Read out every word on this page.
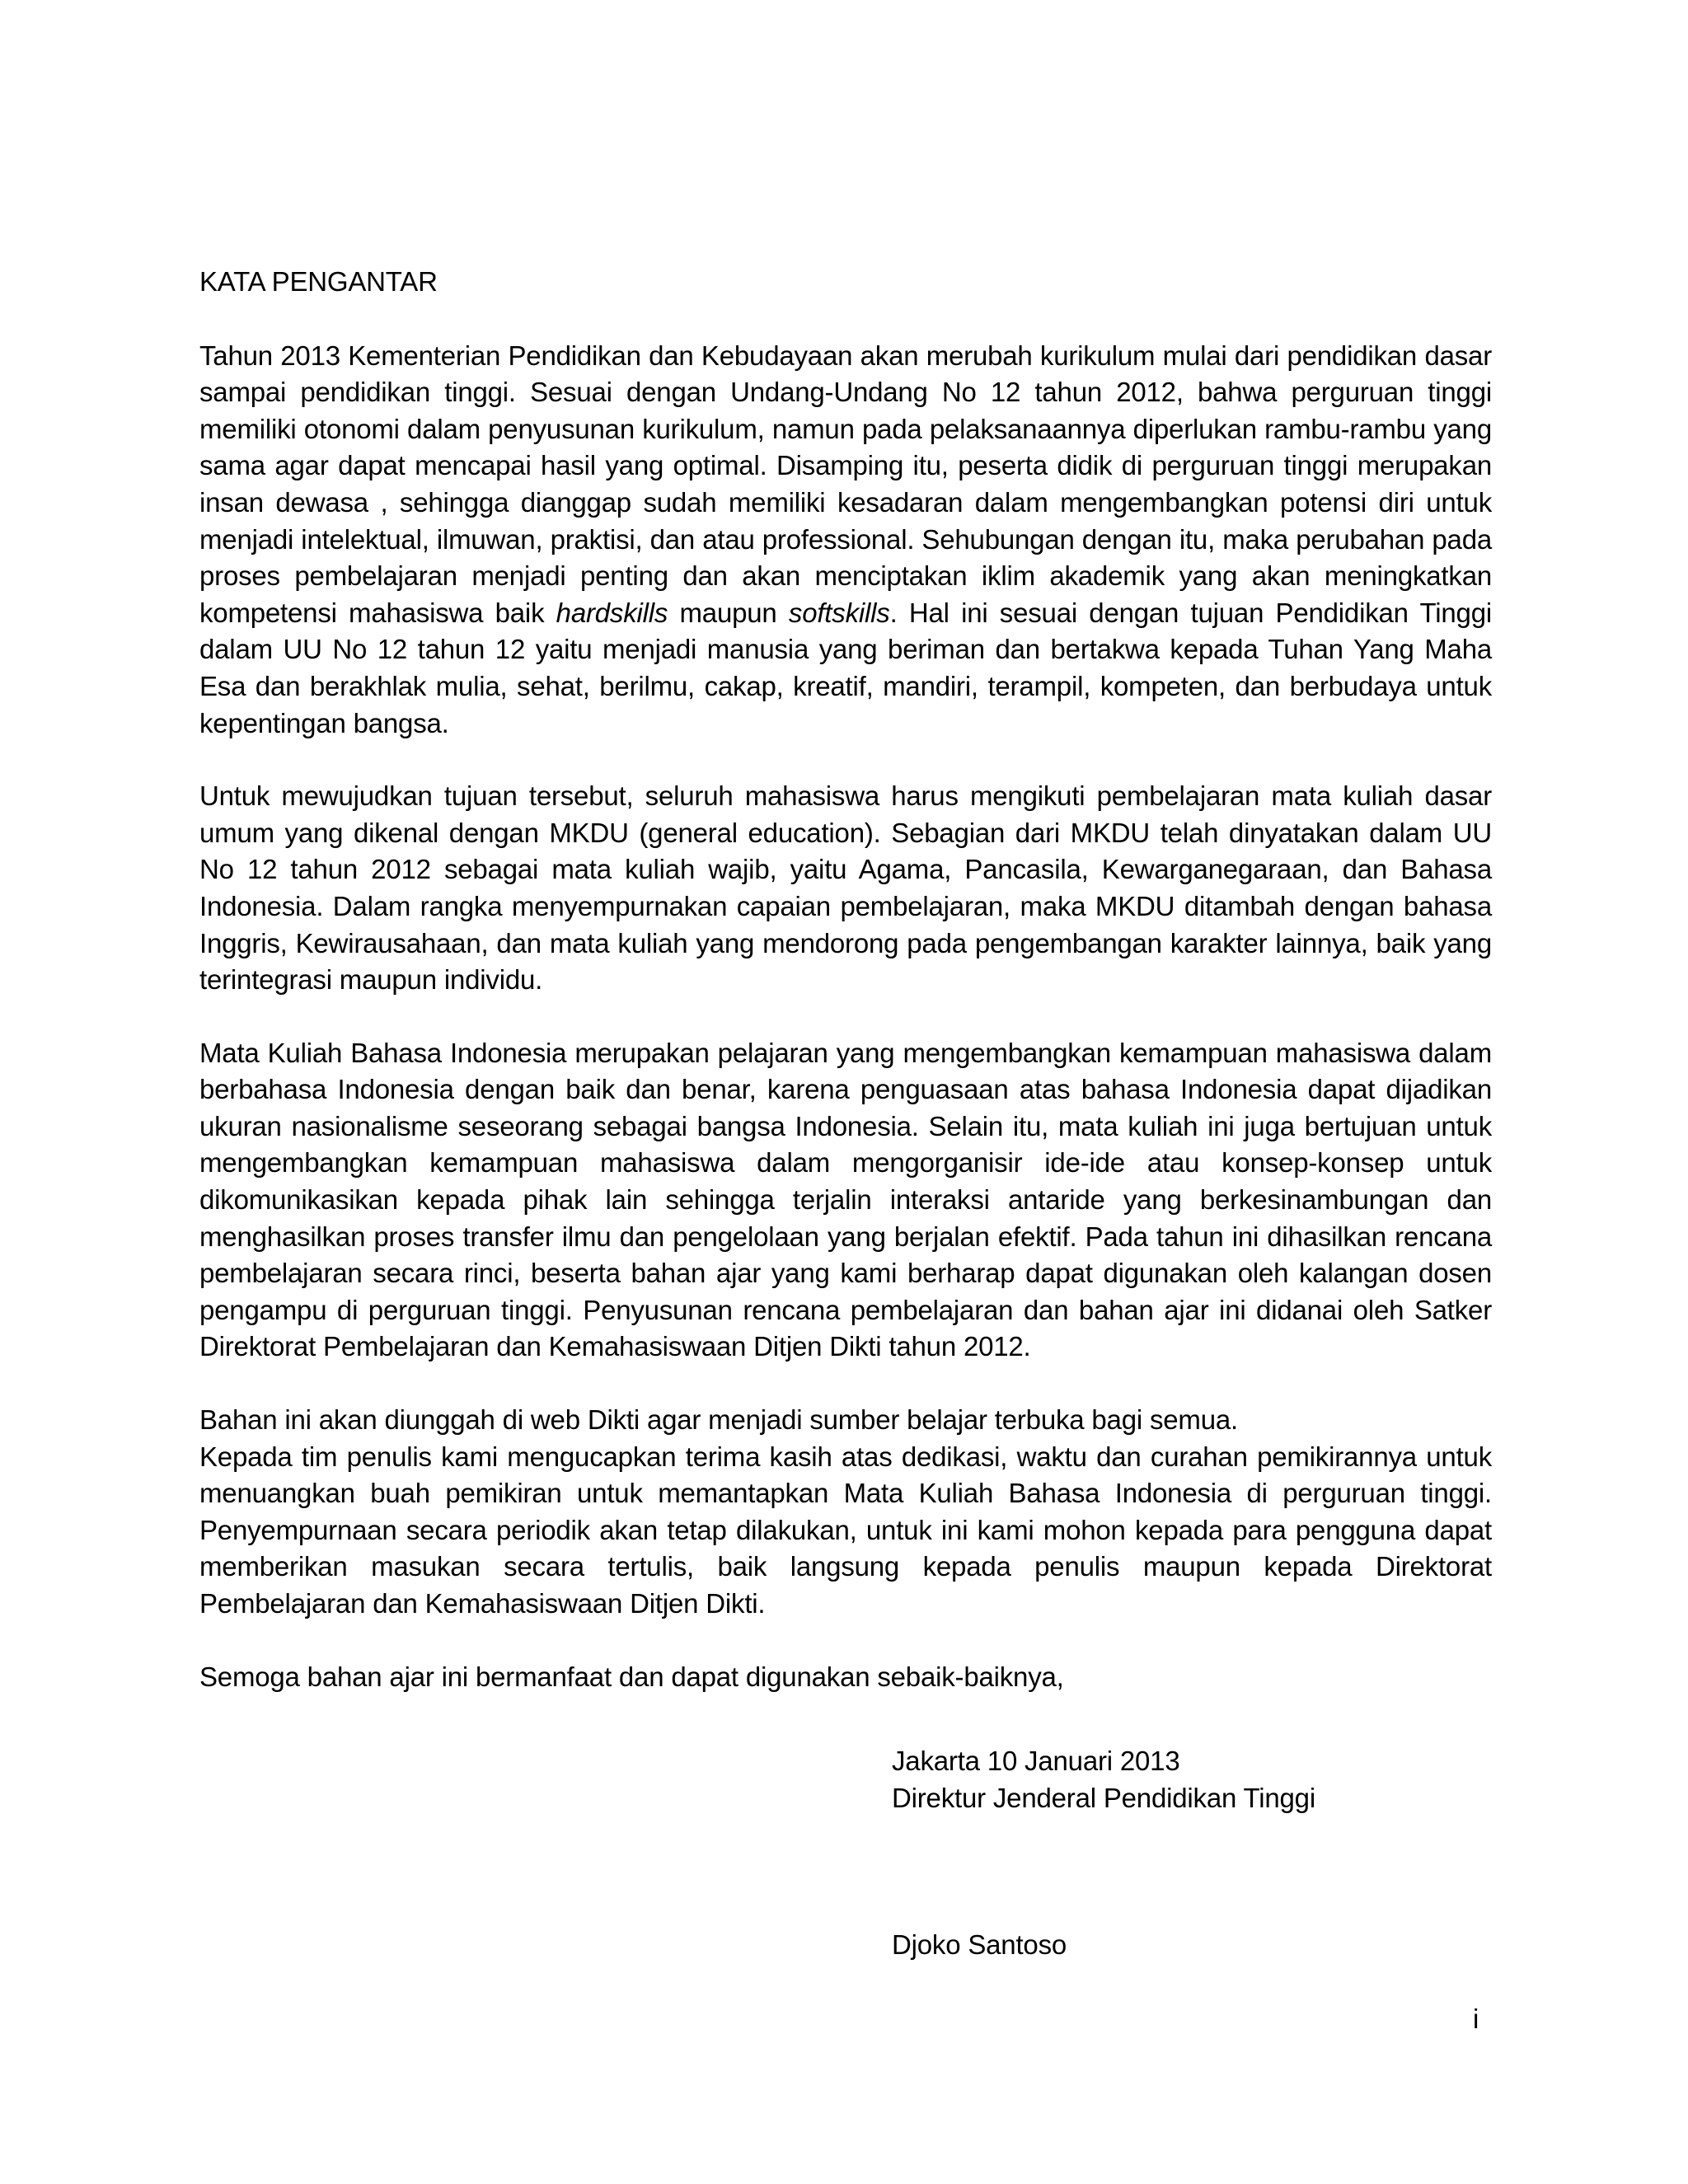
KATA PENGANTAR

Tahun 2013 Kementerian Pendidikan dan Kebudayaan akan merubah kurikulum mulai dari pendidikan dasar sampai pendidikan tinggi. Sesuai dengan Undang-Undang No 12 tahun 2012, bahwa perguruan tinggi memiliki otonomi dalam penyusunan kurikulum, namun pada pelaksanaannya diperlukan rambu-rambu yang sama agar dapat mencapai hasil yang optimal. Disamping itu, peserta didik di perguruan tinggi merupakan insan dewasa , sehingga dianggap sudah memiliki kesadaran dalam mengembangkan potensi diri untuk menjadi intelektual, ilmuwan, praktisi, dan atau professional. Sehubungan dengan itu, maka perubahan pada proses pembelajaran menjadi penting dan akan menciptakan iklim akademik yang akan meningkatkan kompetensi mahasiswa baik hardskills maupun softskills. Hal ini sesuai dengan tujuan Pendidikan Tinggi dalam UU No 12 tahun 12 yaitu menjadi manusia yang beriman dan bertakwa kepada Tuhan Yang Maha Esa dan berakhlak mulia, sehat, berilmu, cakap, kreatif, mandiri, terampil, kompeten, dan berbudaya untuk kepentingan bangsa.

Untuk mewujudkan tujuan tersebut, seluruh mahasiswa harus mengikuti pembelajaran mata kuliah dasar umum yang dikenal dengan MKDU (general education). Sebagian dari MKDU telah dinyatakan dalam UU No 12 tahun 2012 sebagai mata kuliah wajib, yaitu Agama, Pancasila, Kewarganegaraan, dan Bahasa Indonesia. Dalam rangka menyempurnakan capaian pembelajaran, maka MKDU ditambah dengan bahasa Inggris, Kewirausahaan, dan mata kuliah yang mendorong pada pengembangan karakter lainnya, baik yang terintegrasi maupun individu.

Mata Kuliah Bahasa Indonesia merupakan pelajaran yang mengembangkan kemampuan mahasiswa dalam berbahasa Indonesia dengan baik dan benar, karena penguasaan atas bahasa Indonesia dapat dijadikan ukuran nasionalisme seseorang sebagai bangsa Indonesia. Selain itu, mata kuliah ini juga bertujuan untuk mengembangkan kemampuan mahasiswa dalam mengorganisir ide-ide atau konsep-konsep untuk dikomunikasikan kepada pihak lain sehingga terjalin interaksi antaride yang berkesinambungan dan menghasilkan proses transfer ilmu dan pengelolaan yang berjalan efektif. Pada tahun ini dihasilkan rencana pembelajaran secara rinci, beserta bahan ajar yang kami berharap dapat digunakan oleh kalangan dosen pengampu di perguruan tinggi. Penyusunan rencana pembelajaran dan bahan ajar ini didanai oleh Satker Direktorat Pembelajaran dan Kemahasiswaan Ditjen Dikti tahun 2012.

Bahan ini akan diunggah di web Dikti agar menjadi sumber belajar terbuka bagi semua.

Kepada tim penulis kami mengucapkan terima kasih atas dedikasi, waktu dan curahan pemikirannya untuk menuangkan buah pemikiran untuk memantapkan Mata Kuliah Bahasa Indonesia di perguruan tinggi. Penyempurnaan secara periodik akan tetap dilakukan, untuk ini kami mohon kepada para pengguna dapat memberikan masukan secara tertulis, baik langsung kepada penulis maupun kepada Direktorat Pembelajaran dan Kemahasiswaan Ditjen Dikti.

Semoga bahan ajar ini bermanfaat dan dapat digunakan sebaik-baiknya,

Jakarta 10 Januari 2013

Direktur Jenderal Pendidikan Tinggi

Djoko Santoso

i
